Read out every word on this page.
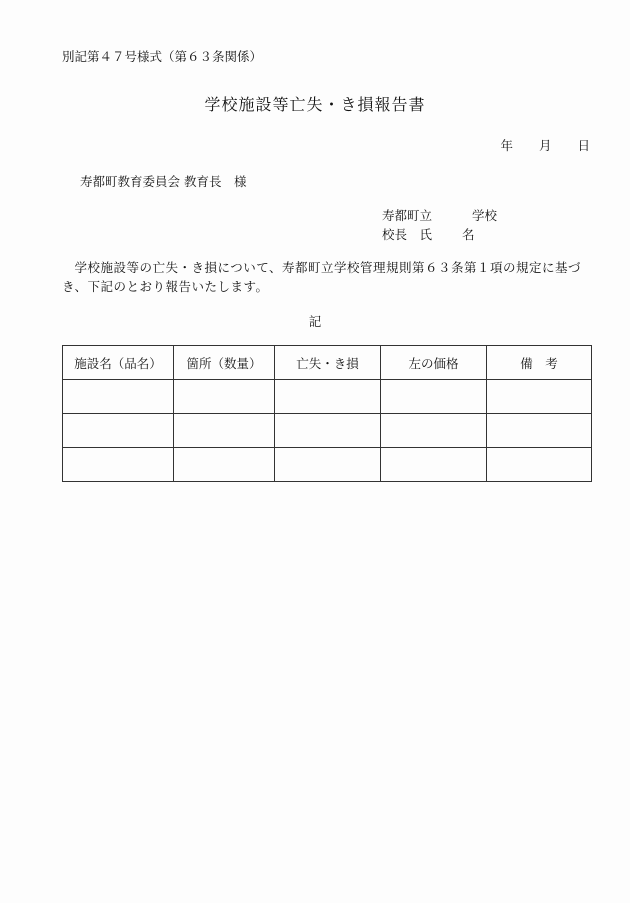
別記第４７号様式（第６３条関係）
学校施設等亡失・き損報告書
年 月 日
寿都町教育委員会 教育長　様
寿都町立	学校
校長　氏	名
学校施設等の亡失・き損について、寿都町立学校管理規則第６３条第１項の規定に基づき、下記のとおり報告いたします。
記
施設名（品名）	箇所（数量）	亡失・き損	左の価格	備　考
